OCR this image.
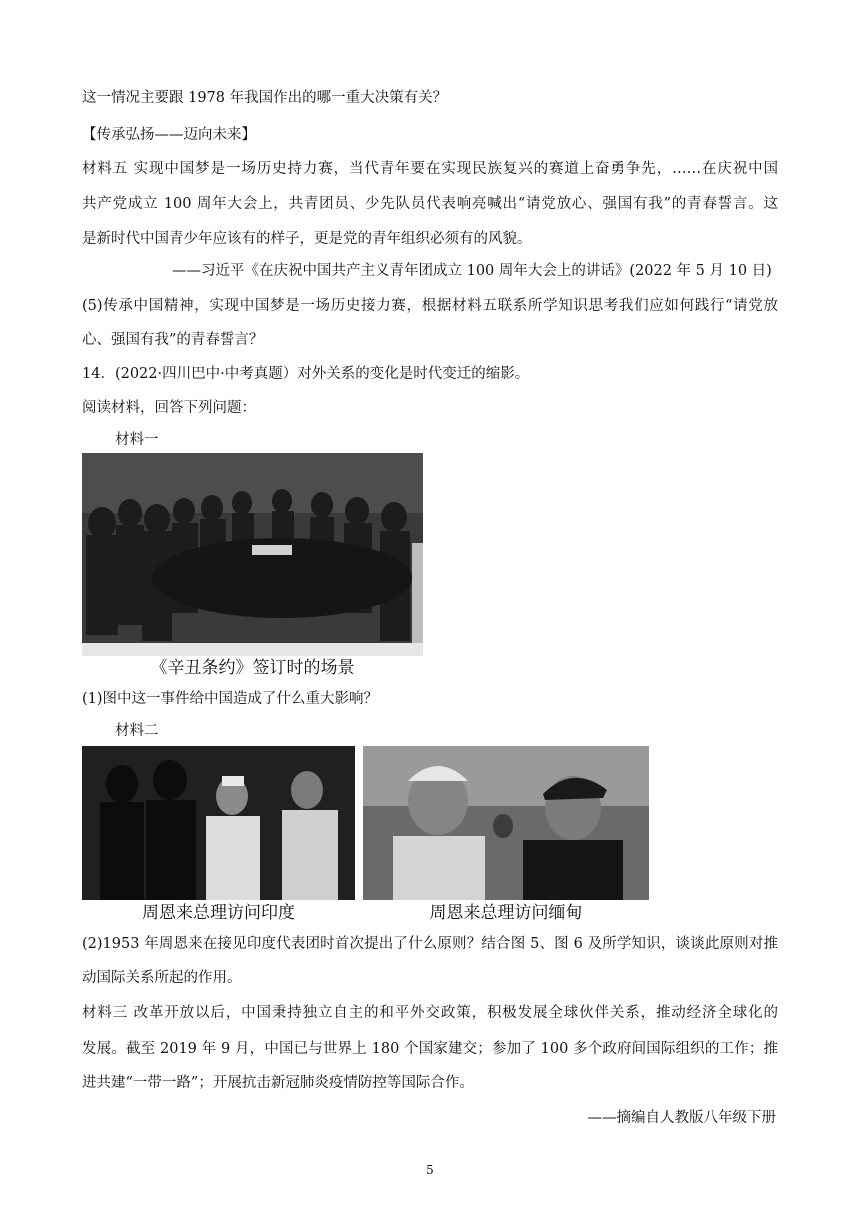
这一情况主要跟 1978 年我国作出的哪一重大决策有关？
【传承弘扬——迈向未来】
材料五 实现中国梦是一场历史持力赛，当代青年要在实现民族复兴的赛道上奋勇争先，……在庆祝中国
共产党成立 100 周年大会上，共青团员、少先队员代表响亮喊出“请党放心、强国有我”的青春誓言。这
是新时代中国青少年应该有的样子，更是党的青年组织必须有的风貌。
——习近平《在庆祝中国共产主义青年团成立 100 周年大会上的讲话》(2022 年 5 月 10 日)
(5)传承中国精神，实现中国梦是一场历史接力赛，根据材料五联系所学知识思考我们应如何践行“请党放
心、强国有我”的青春誓言？
14．(2022·四川巴中·中考真题）对外关系的变化是时代变迁的缩影。
阅读材料，回答下列问题：
材料一
《辛丑条约》签订时的场景
(1)图中这一事件给中国造成了什么重大影响？
材料二
周恩来总理访问印度	周恩来总理访问缅甸
(2)1953 年周恩来在接见印度代表团时首次提出了什么原则？结合图 5、图 6 及所学知识，谈谈此原则对推
动国际关系所起的作用。
材料三 改革开放以后，中国秉持独立自主的和平外交政策，积极发展全球伙伴关系，推动经济全球化的
发展。截至 2019 年 9 月，中国已与世界上 180 个国家建交；参加了 100 多个政府间国际组织的工作；推
进共建“一带一路”；开展抗击新冠肺炎疫情防控等国际合作。
——摘编自人教版八年级下册
5
